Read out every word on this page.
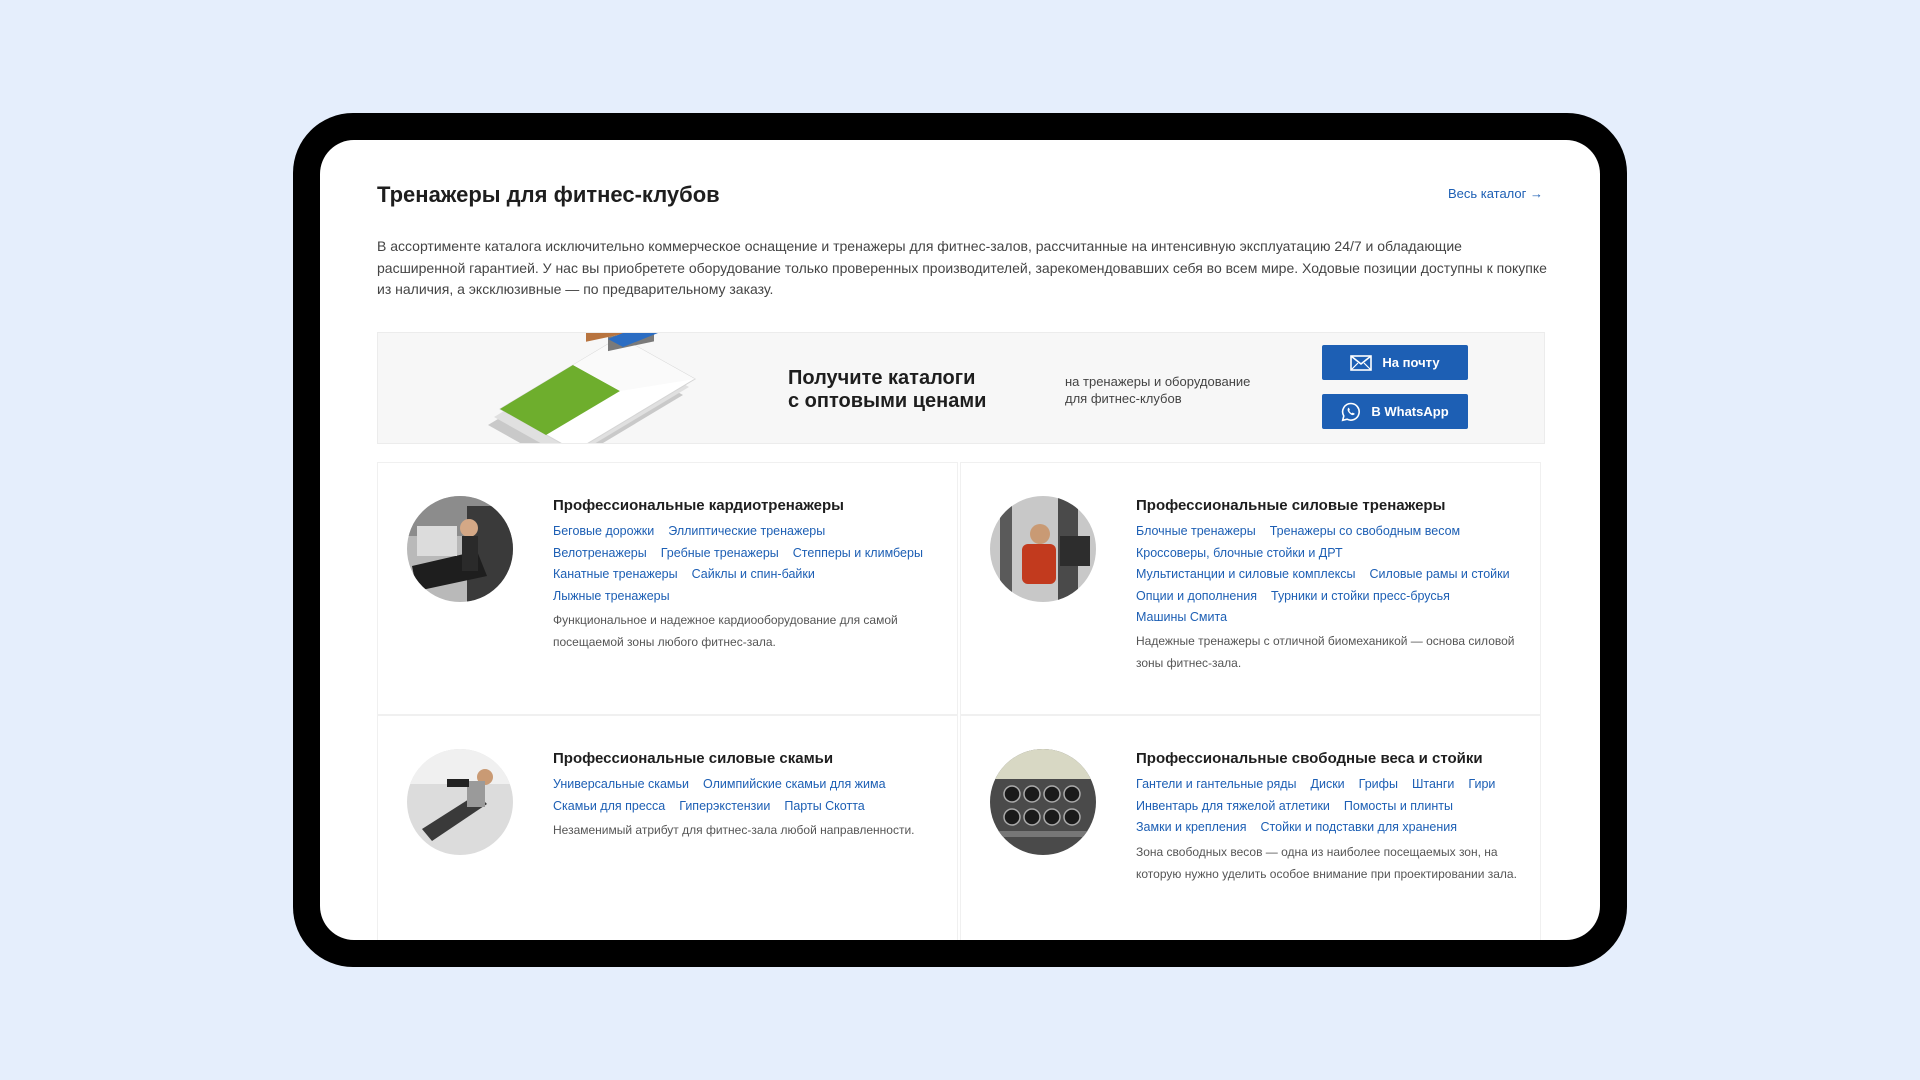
Тренажеры для фитнес-клубов	Весь каталог →

В ассортименте каталога исключительно коммерческое оснащение и тренажеры для фитнес-залов, рассчитанные на интенсивную эксплуатацию 24/7 и обладающие расширенной гарантией. У нас вы приобретете оборудование только проверенных производителей, зарекомендовавших себя во всем мире. Ходовые позиции доступны к покупке из наличия, а эксклюзивные — по предварительному заказу.

Получите каталоги
с оптовыми ценами
на тренажеры и оборудование
для фитнес-клубов
На почту
В WhatsApp
Профессиональные кардиотренажеры
Беговые дорожки Эллиптические тренажеры
Велотренажеры Гребные тренажеры Степперы и климберы
Канатные тренажеры Сайклы и спин-байки
Лыжные тренажеры

Функциональное и надежное кардиооборудование для самой посещаемой зоны любого фитнес-зала.

Профессиональные силовые тренажеры
Блочные тренажеры Тренажеры со свободным весом
Кроссоверы, блочные стойки и ДРТ
Мультистанции и силовые комплексы Силовые рамы и стойки
Опции и дополнения Турники и стойки пресс-брусья
Машины Смита

Надежные тренажеры с отличной биомеханикой — основа силовой зоны фитнес-зала.

Профессиональные силовые скамьи
Универсальные скамьи Олимпийские скамьи для жима
Скамьи для пресса Гиперэкстензии Парты Скотта

Незаменимый атрибут для фитнес-зала любой направленности.

Профессиональные свободные веса и стойки
Гантели и гантельные ряды Диски Грифы Штанги Гири
Инвентарь для тяжелой атлетики Помосты и плинты
Замки и крепления Стойки и подставки для хранения

Зона свободных весов — одна из наиболее посещаемых зон, на которую нужно уделить особое внимание при проектировании зала.
